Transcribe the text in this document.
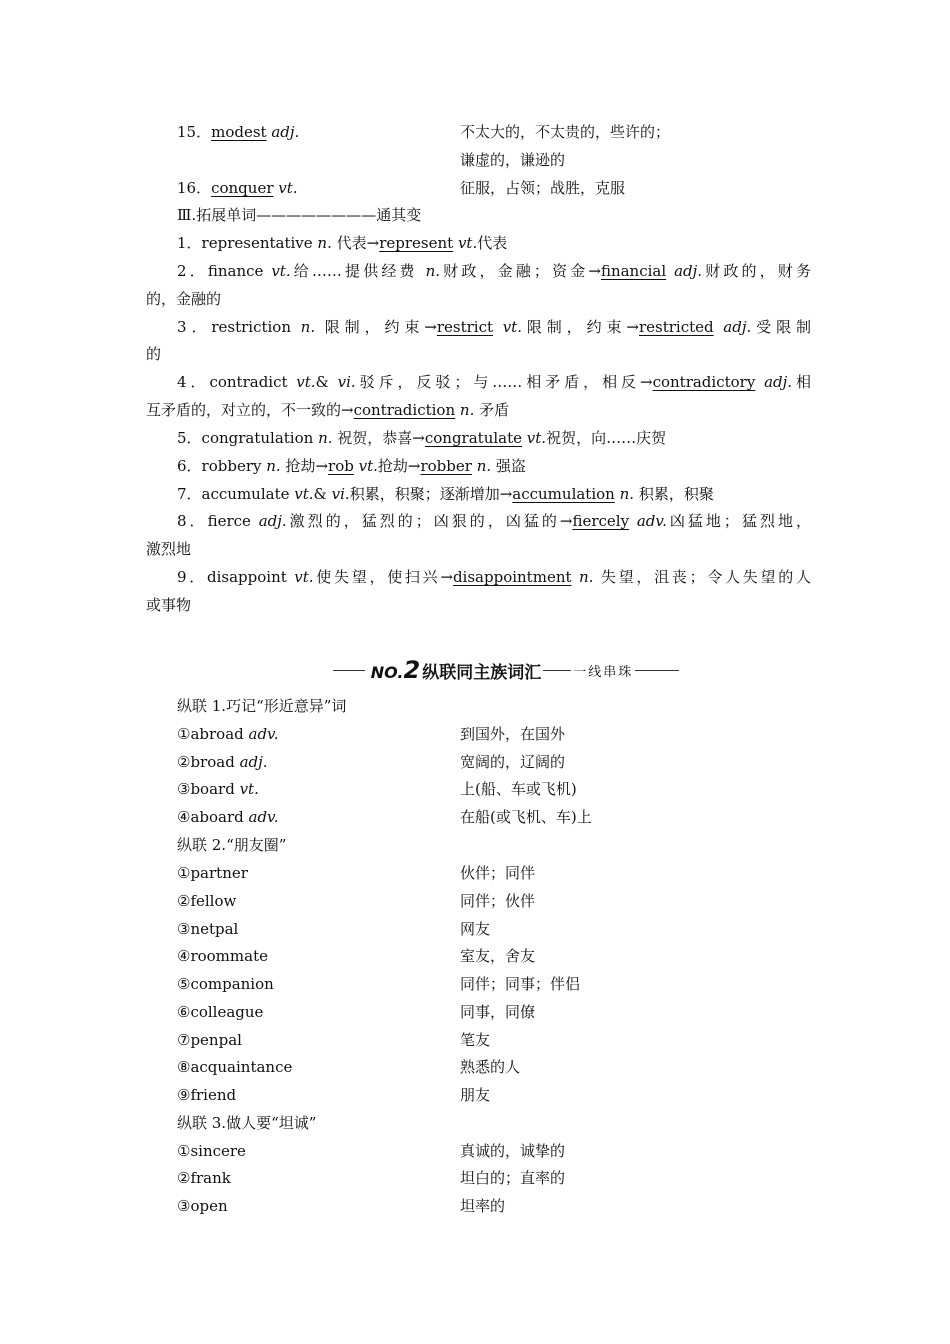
15．modest adj.	不太大的，不太贵的，些许的；
谦虚的，谦逊的
16．conquer vt.	征服，占领；战胜，克服
Ⅲ.拓展单词————————通其变
1．representative n. 代表→represent vt.代表
2．finance vt.给……提供经费 n.财政，金融；资金→financial adj.财政的，财务
的，金融的
3．restriction n. 限制，约束→restrict vt.限制，约束→restricted adj.受限制
的
4．contradict vt.& vi.驳斥，反驳；与……相矛盾，相反→contradictory adj.相
互矛盾的，对立的，不一致的→contradiction n. 矛盾
5．congratulation n. 祝贺，恭喜→congratulate vt.祝贺，向……庆贺
6．robbery n. 抢劫→rob vt.抢劫→robber n. 强盗
7．accumulate vt.& vi.积累，积聚；逐渐增加→accumulation n. 积累，积聚
8．fierce adj.激烈的，猛烈的；凶狠的，凶猛的→fiercely adv.凶猛地；猛烈地，
激烈地
9．disappoint vt.使失望，使扫兴→disappointment n. 失望，沮丧；令人失望的人
或事物
NO.2 纵联同主族词汇 一线串珠
纵联 1.巧记“形近意异”词
①abroad adv.	到国外，在国外
②broad adj.	宽阔的，辽阔的
③board vt.	上(船、车或飞机)
④aboard adv.	在船(或飞机、车)上
纵联 2.“朋友圈”
①partner	伙伴；同伴
②fellow	同伴；伙伴
③netpal	网友
④roommate	室友，舍友
⑤companion	同伴；同事；伴侣
⑥colleague	同事，同僚
⑦penpal	笔友
⑧acquaintance	熟悉的人
⑨friend	朋友
纵联 3.做人要“坦诚”
①sincere	真诚的，诚挚的
②frank	坦白的；直率的
③open	坦率的
